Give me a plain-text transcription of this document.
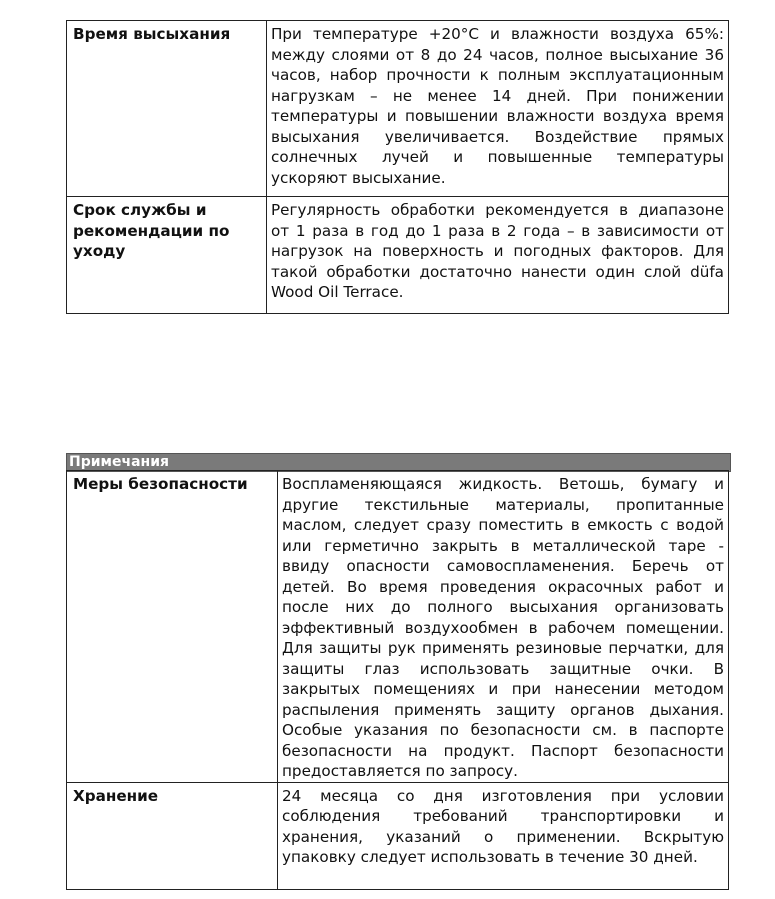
Время высыхания	При температуре +20°С и влажности воздуха 65%: между слоями от 8 до 24 часов, полное высыхание 36 часов, набор прочности к полным эксплуатационным нагрузкам – не менее 14 дней. При понижении температуры и повышении влажности воздуха время высыхания увеличивается. Воздействие прямых солнечных лучей и повышенные температуры ускоряют высыхание.
Срок службы и рекомендации по уходу	Регулярность обработки рекомендуется в диапазоне от 1 раза в год до 1 раза в 2 года – в зависимости от нагрузок на поверхность и погодных факторов. Для такой обработки достаточно нанести один слой düfa Wood Oil Terrace.
Примечания
Меры безопасности	Воспламеняющаяся жидкость. Ветошь, бумагу и другие текстильные материалы, пропитанные маслом, следует сразу поместить в емкость с водой или герметично закрыть в металлической таре - ввиду опасности самовоспламенения. Беречь от детей. Во время проведения окрасочных работ и после них до полного высыхания организовать эффективный воздухообмен в рабочем помещении. Для защиты рук применять резиновые перчатки, для защиты глаз использовать защитные очки. В закрытых помещениях и при нанесении методом распыления применять защиту органов дыхания. Особые указания по безопасности см. в паспорте безопасности на продукт. Паспорт безопасности предоставляется по запросу.
Хранение	24 месяца со дня изготовления при условии соблюдения требований транспортировки и хранения, указаний о применении. Вскрытую упаковку следует использовать в течение 30 дней.
